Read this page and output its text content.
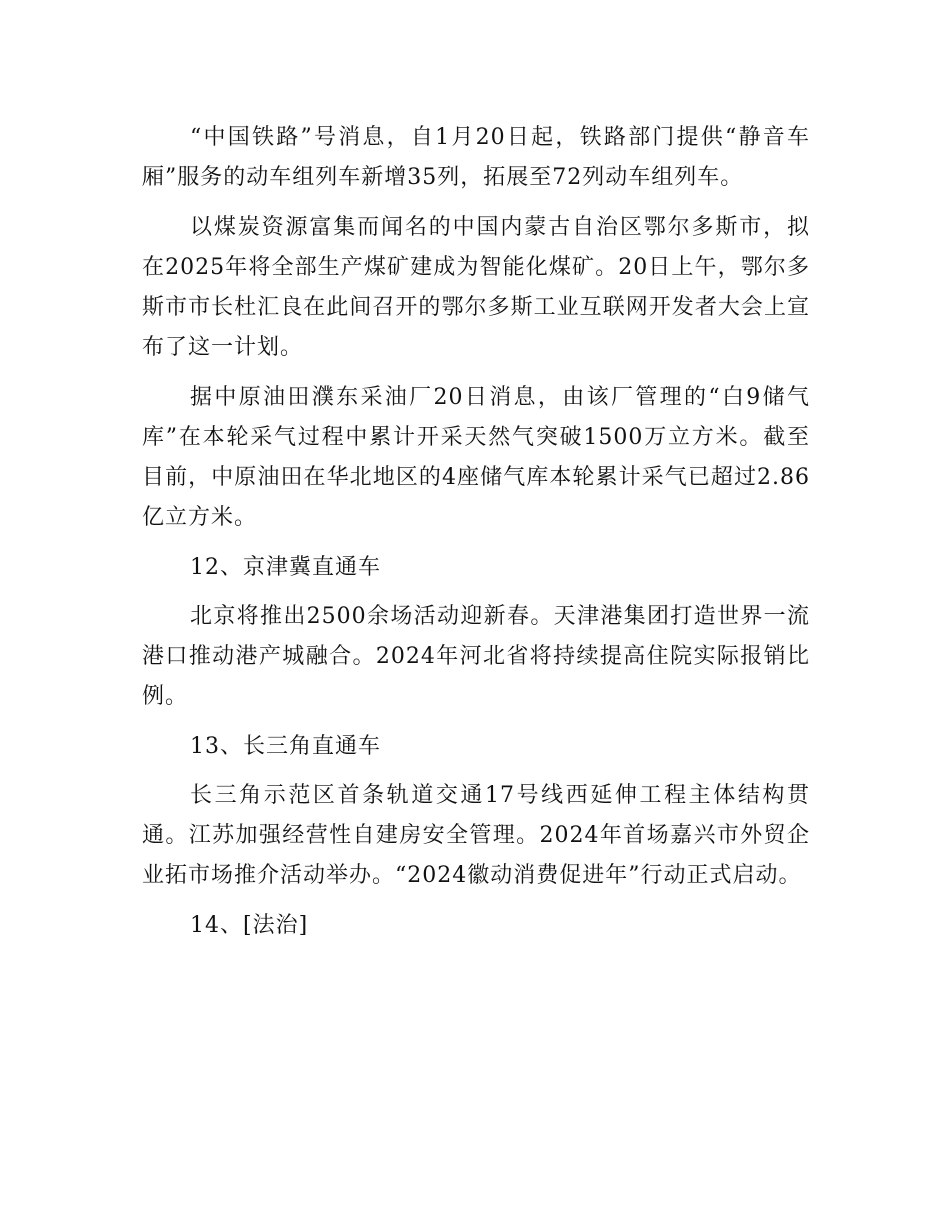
“中国铁路”号消息，自1月20日起，铁路部门提供“静音车厢”服务的动车组列车新增35列，拓展至72列动车组列车。

以煤炭资源富集而闻名的中国内蒙古自治区鄂尔多斯市，拟在2025年将全部生产煤矿建成为智能化煤矿。20日上午，鄂尔多斯市市长杜汇良在此间召开的鄂尔多斯工业互联网开发者大会上宣布了这一计划。

据中原油田濮东采油厂20日消息，由该厂管理的“白9储气库”在本轮采气过程中累计开采天然气突破1500万立方米。截至目前，中原油田在华北地区的4座储气库本轮累计采气已超过2.86亿立方米。

12、京津冀直通车

北京将推出2500余场活动迎新春。天津港集团打造世界一流港口推动港产城融合。2024年河北省将持续提高住院实际报销比例。

13、长三角直通车

长三角示范区首条轨道交通17号线西延伸工程主体结构贯通。江苏加强经营性自建房安全管理。2024年首场嘉兴市外贸企业拓市场推介活动举办。“2024徽动消费促进年”行动正式启动。

14、[法治]
